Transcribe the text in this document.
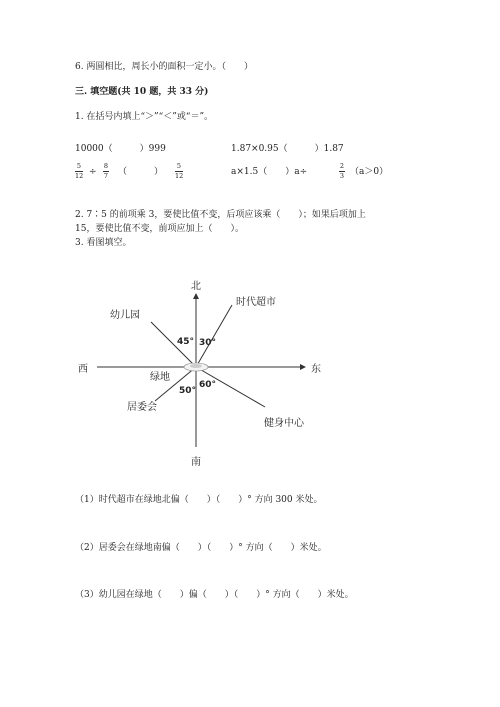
6. 两圆相比，周长小的面积一定小。（　　）
三. 填空题(共 10 题，共 33 分)
1. 在括号内填上“＞”“＜”或“＝”。
10000（　　　）999	1.87×0.95（　　　）1.87
5
12 ÷
8
7 （　　　）
5
12	a×1.5（　　）a÷
2
3 （a＞0）
2. 7∶5 的前项乘 3，要使比值不变，后项应该乘（　　）；如果后项加上
15，要使比值不变，前项应加上（　　）。
3. 看图填空。
北
南
东
西
绿地
幼儿园
时代超市
居委会
健身中心
45° 30°
50°
60°
（1）时代超市在绿地北偏（　　）（　　）° 方向 300 米处。
（2）居委会在绿地南偏（　　）（　　）° 方向（　　）米处。
（3）幼儿园在绿地（　　）偏（　　）（　　）° 方向（　　）米处。
